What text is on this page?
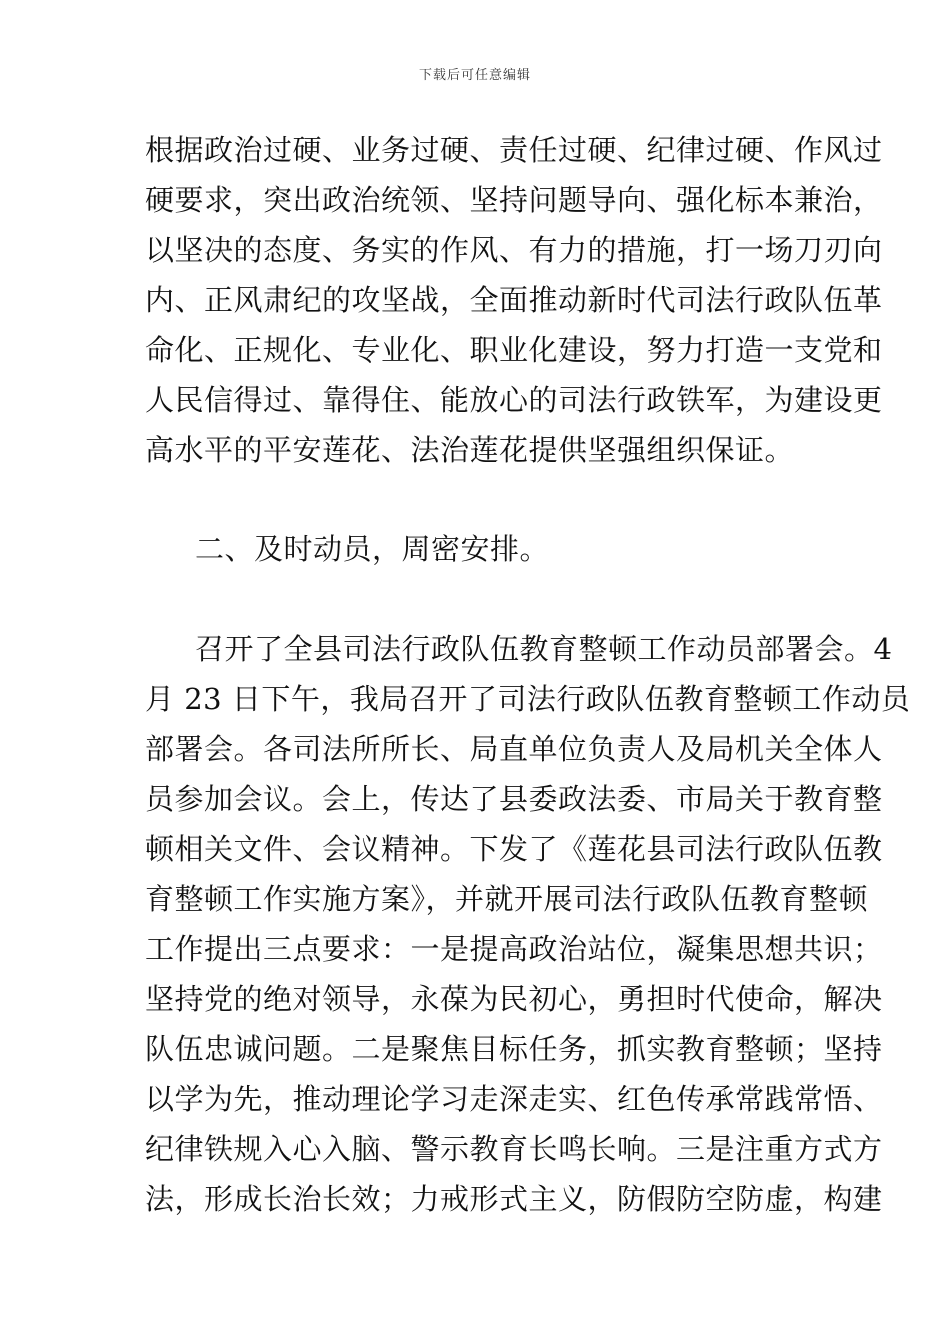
下载后可任意编辑
根据政治过硬、业务过硬、责任过硬、纪律过硬、作风过
硬要求，突出政治统领、坚持问题导向、强化标本兼治，
以坚决的态度、务实的作风、有力的措施，打一场刀刃向
内、正风肃纪的攻坚战，全面推动新时代司法行政队伍革
命化、正规化、专业化、职业化建设，努力打造一支党和
人民信得过、靠得住、能放心的司法行政铁军，为建设更
高水平的平安莲花、法治莲花提供坚强组织保证。
二、及时动员，周密安排。
召开了全县司法行政队伍教育整顿工作动员部署会。4
月 23 日下午，我局召开了司法行政队伍教育整顿工作动员
部署会。各司法所所长、局直单位负责人及局机关全体人
员参加会议。会上，传达了县委政法委、市局关于教育整
顿相关文件、会议精神。下发了《莲花县司法行政队伍教
育整顿工作实施方案》，并就开展司法行政队伍教育整顿
工作提出三点要求：一是提高政治站位，凝集思想共识；
坚持党的绝对领导，永葆为民初心，勇担时代使命，解决
队伍忠诚问题。二是聚焦目标任务，抓实教育整顿；坚持
以学为先，推动理论学习走深走实、红色传承常践常悟、
纪律铁规入心入脑、警示教育长鸣长响。三是注重方式方
法，形成长治长效；力戒形式主义，防假防空防虚，构建
